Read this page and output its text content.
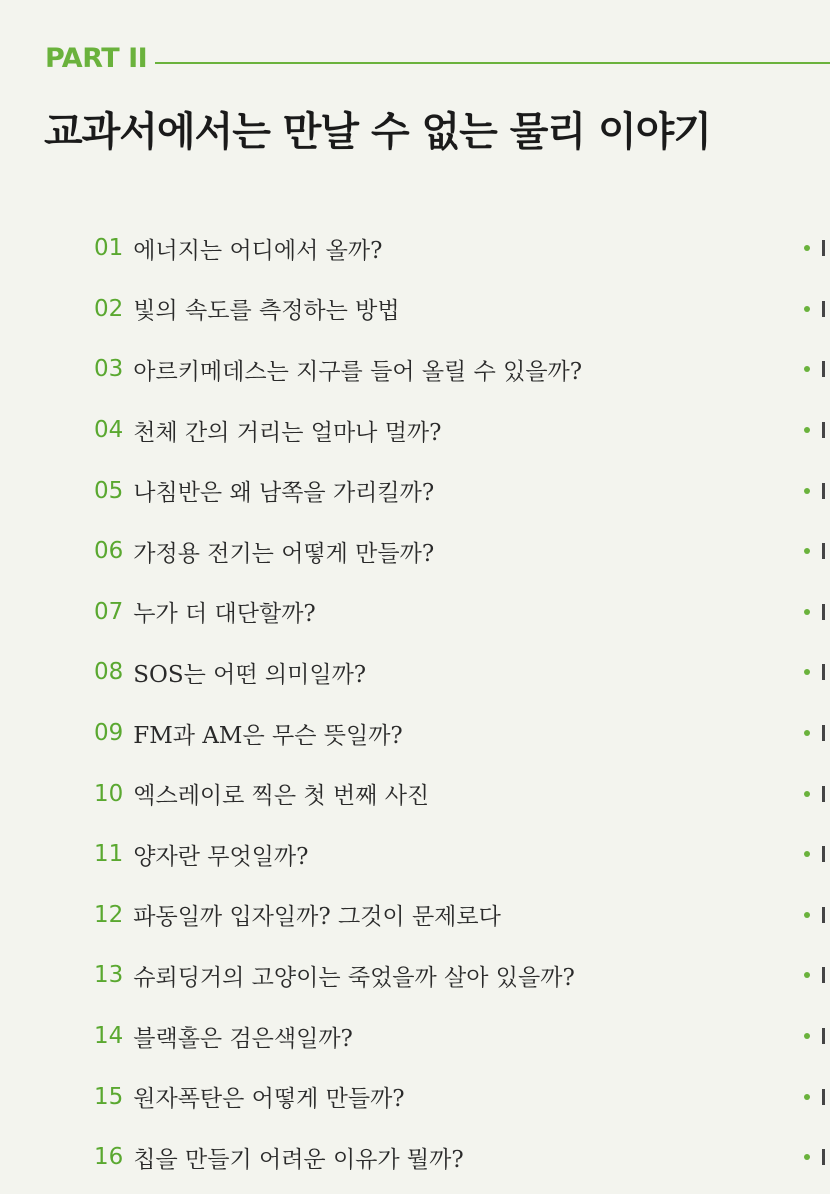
PART II
교과서에서는 만날 수 없는 물리 이야기
01 에너지는 어디에서 올까?
02 빛의 속도를 측정하는 방법
03 아르키메데스는 지구를 들어 올릴 수 있을까?
04 천체 간의 거리는 얼마나 멀까?
05 나침반은 왜 남쪽을 가리킬까?
06 가정용 전기는 어떻게 만들까?
07 누가 더 대단할까?
08 SOS는 어떤 의미일까?
09 FM과 AM은 무슨 뜻일까?
10 엑스레이로 찍은 첫 번째 사진
11 양자란 무엇일까?
12 파동일까 입자일까? 그것이 문제로다
13 슈뢰딩거의 고양이는 죽었을까 살아 있을까?
14 블랙홀은 검은색일까?
15 원자폭탄은 어떻게 만들까?
16 칩을 만들기 어려운 이유가 뭘까?
